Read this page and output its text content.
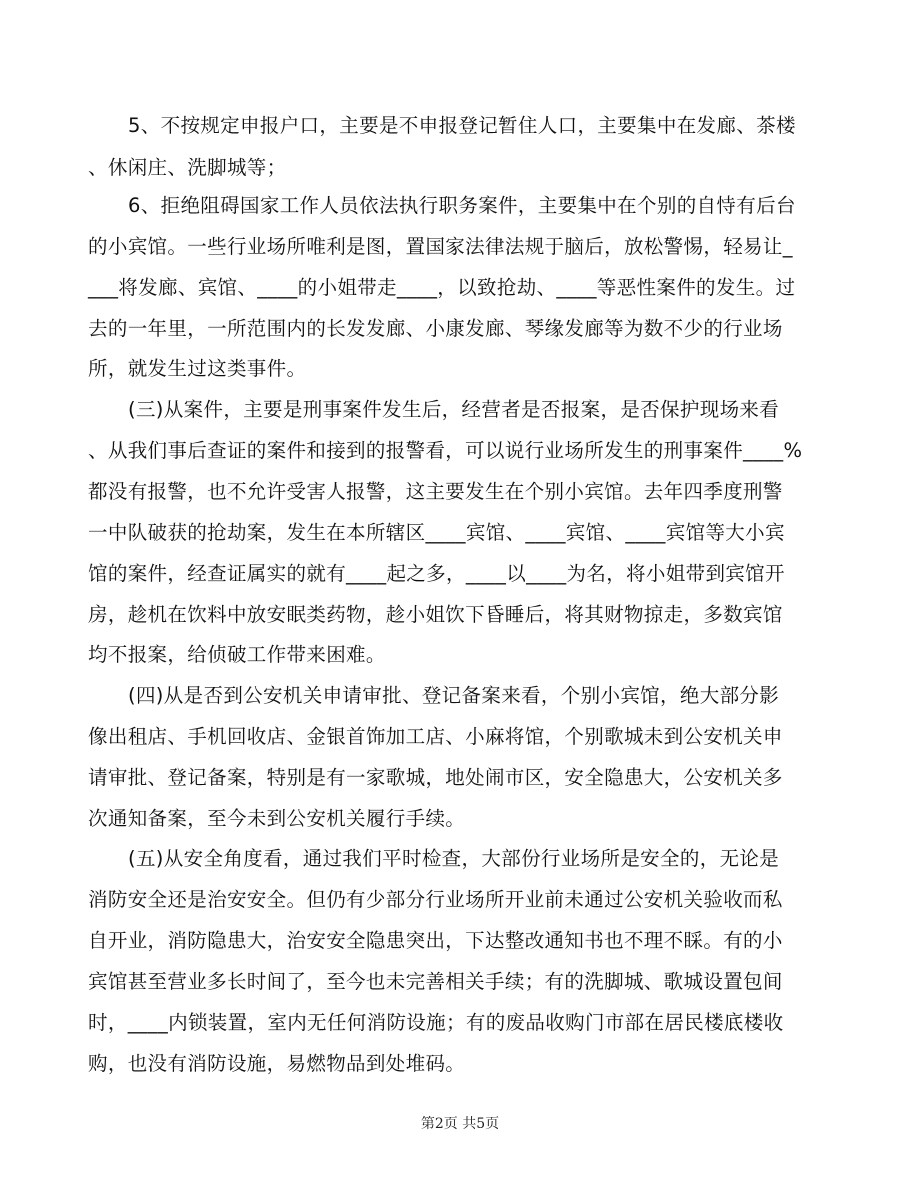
5、不按规定申报户口，主要是不申报登记暂住人口，主要集中在发廊、茶楼
、休闲庄、洗脚城等；
6、拒绝阻碍国家工作人员依法执行职务案件，主要集中在个别的自恃有后台
的小宾馆。一些行业场所唯利是图，置国家法律法规于脑后，放松警惕，轻易让_
___将发廊、宾馆、____的小姐带走____，以致抢劫、____等恶性案件的发生。过
去的一年里，一所范围内的长发发廊、小康发廊、琴缘发廊等为数不少的行业场
所，就发生过这类事件。
(三)从案件，主要是刑事案件发生后，经营者是否报案，是否保护现场来看
、从我们事后查证的案件和接到的报警看，可以说行业场所发生的刑事案件____%
都没有报警，也不允许受害人报警，这主要发生在个别小宾馆。去年四季度刑警
一中队破获的抢劫案，发生在本所辖区____宾馆、____宾馆、____宾馆等大小宾
馆的案件，经查证属实的就有____起之多，____以____为名，将小姐带到宾馆开
房，趁机在饮料中放安眠类药物，趁小姐饮下昏睡后，将其财物掠走，多数宾馆
均不报案，给侦破工作带来困难。
(四)从是否到公安机关申请审批、登记备案来看，个别小宾馆，绝大部分影
像出租店、手机回收店、金银首饰加工店、小麻将馆，个别歌城未到公安机关申
请审批、登记备案，特别是有一家歌城，地处闹市区，安全隐患大，公安机关多
次通知备案，至今未到公安机关履行手续。
(五)从安全角度看，通过我们平时检查，大部份行业场所是安全的，无论是
消防安全还是治安安全。但仍有少部分行业场所开业前未通过公安机关验收而私
自开业，消防隐患大，治安安全隐患突出，下达整改通知书也不理不睬。有的小
宾馆甚至营业多长时间了，至今也未完善相关手续；有的洗脚城、歌城设置包间
时，____内锁装置，室内无任何消防设施；有的废品收购门市部在居民楼底楼收
购，也没有消防设施，易燃物品到处堆码。
第2页 共5页
